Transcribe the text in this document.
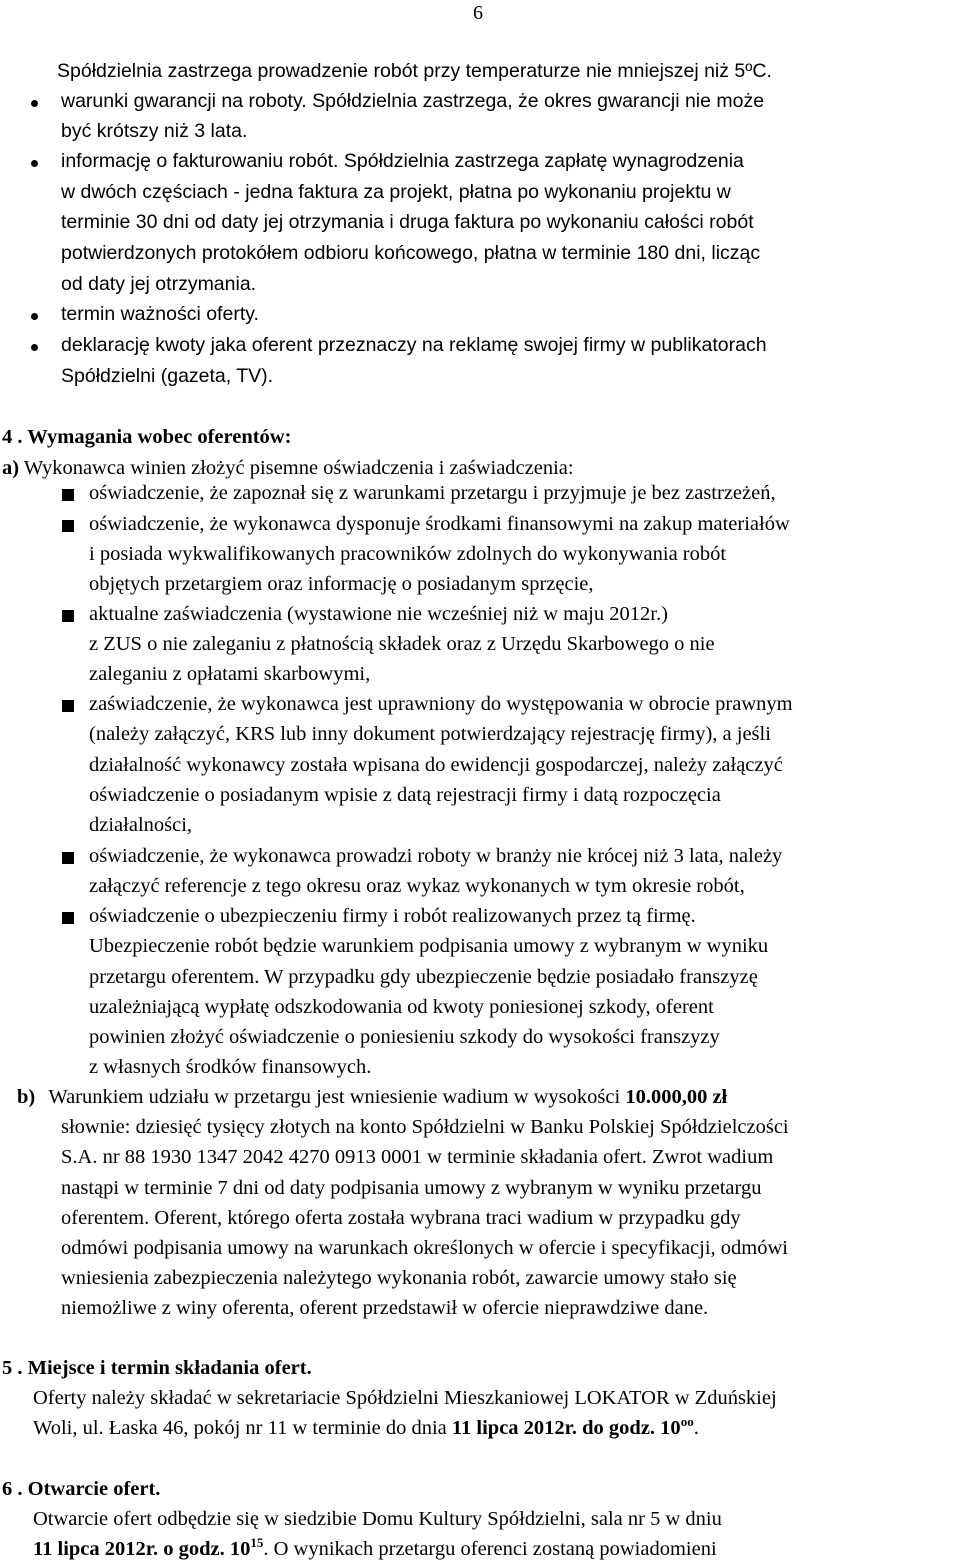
6
Spółdzielnia zastrzega prowadzenie robót przy temperaturze nie mniejszej niż 5ºC.
warunki gwarancji na roboty. Spółdzielnia zastrzega, że okres gwarancji nie może
być krótszy niż 3 lata.
informację o fakturowaniu robót. Spółdzielnia zastrzega zapłatę wynagrodzenia
w dwóch częściach - jedna faktura za projekt, płatna po wykonaniu projektu w
terminie 30 dni od daty jej otrzymania i druga faktura po wykonaniu całości robót
potwierdzonych protokółem odbioru końcowego, płatna w terminie 180 dni, licząc
od daty jej otrzymania.
termin ważności oferty.
deklarację kwoty jaka oferent przeznaczy na reklamę swojej firmy w publikatorach
Spółdzielni (gazeta, TV).
4 . Wymagania wobec oferentów:
a) Wykonawca winien złożyć pisemne oświadczenia i zaświadczenia:
oświadczenie, że zapoznał się z warunkami przetargu i przyjmuje je bez zastrzeżeń,
oświadczenie, że wykonawca dysponuje środkami finansowymi na zakup materiałów
i posiada wykwalifikowanych pracowników zdolnych do wykonywania robót
objętych przetargiem oraz informację o posiadanym sprzęcie,
aktualne zaświadczenia (wystawione nie wcześniej niż w maju 2012r.)
z ZUS o nie zaleganiu z płatnością składek oraz z Urzędu Skarbowego o nie
zaleganiu z opłatami skarbowymi,
zaświadczenie, że wykonawca jest uprawniony do występowania w obrocie prawnym
(należy załączyć, KRS lub inny dokument potwierdzający rejestrację firmy), a jeśli
działalność wykonawcy została wpisana do ewidencji gospodarczej, należy załączyć
oświadczenie o posiadanym wpisie z datą rejestracji firmy i datą rozpoczęcia
działalności,
oświadczenie, że wykonawca prowadzi roboty w branży nie krócej niż 3 lata, należy
załączyć referencje z tego okresu oraz wykaz wykonanych w tym okresie robót,
oświadczenie o ubezpieczeniu firmy i robót realizowanych przez tą firmę.
Ubezpieczenie robót będzie warunkiem podpisania umowy z wybranym w wyniku
przetargu oferentem. W przypadku gdy ubezpieczenie będzie posiadało franszyzę
uzależniającą wypłatę odszkodowania od kwoty poniesionej szkody, oferent
powinien złożyć oświadczenie o poniesieniu szkody do wysokości franszyzy
z własnych środków finansowych.
b) Warunkiem udziału w przetargu jest wniesienie wadium w wysokości 10.000,00 zł
słownie: dziesięć tysięcy złotych na konto Spółdzielni w Banku Polskiej Spółdzielczości
S.A. nr 88 1930 1347 2042 4270 0913 0001 w terminie składania ofert. Zwrot wadium
nastąpi w terminie 7 dni od daty podpisania umowy z wybranym w wyniku przetargu
oferentem. Oferent, którego oferta została wybrana traci wadium w przypadku gdy
odmówi podpisania umowy na warunkach określonych w ofercie i specyfikacji, odmówi
wniesienia zabezpieczenia należytego wykonania robót, zawarcie umowy stało się
niemożliwe z winy oferenta, oferent przedstawił w ofercie nieprawdziwe dane.
5 . Miejsce i termin składania ofert.
Oferty należy składać w sekretariacie Spółdzielni Mieszkaniowej LOKATOR w Zduńskiej
Woli, ul. Łaska 46, pokój nr 11 w terminie do dnia 11 lipca 2012r. do godz. $10^{oo}$.
6 . Otwarcie ofert.
Otwarcie ofert odbędzie się w siedzibie Domu Kultury Spółdzielni, sala nr 5 w dniu
11 lipca 2012r. o godz. $10^{15}$. O wynikach przetargu oferenci zostaną powiadomieni
